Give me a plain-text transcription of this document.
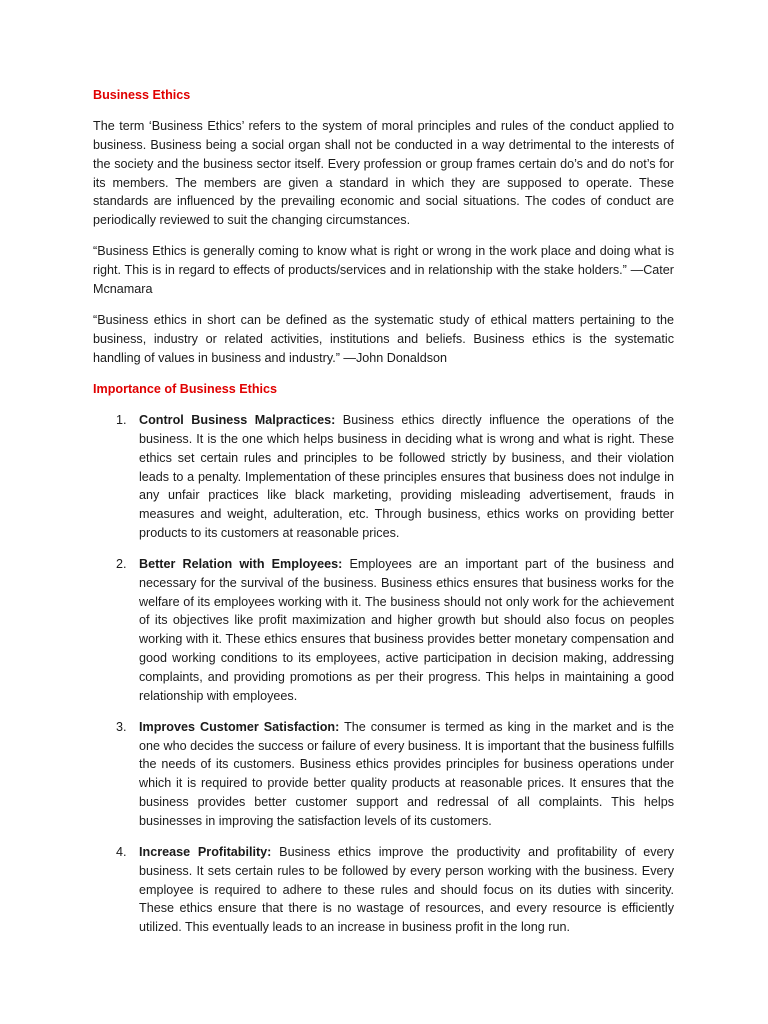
Business Ethics

The term ‘Business Ethics’ refers to the system of moral principles and rules of the conduct applied to business. Business being a social organ shall not be conducted in a way detrimental to the interests of the society and the business sector itself. Every profession or group frames certain do’s and do not’s for its members. The members are given a standard in which they are supposed to operate. These standards are influenced by the prevailing economic and social situations. The codes of conduct are periodically reviewed to suit the changing circumstances.

“Business Ethics is generally coming to know what is right or wrong in the work place and doing what is right. This is in regard to effects of products/services and in relationship with the stake holders.” —Cater Mcnamara

“Business ethics in short can be defined as the systematic study of ethical matters pertaining to the business, industry or related activities, institutions and beliefs. Business ethics is the systematic handling of values in business and industry.” —John Donaldson

Importance of Business Ethics
1. Control Business Malpractices: Business ethics directly influence the operations of the business. It is the one which helps business in deciding what is wrong and what is right. These ethics set certain rules and principles to be followed strictly by business, and their violation leads to a penalty. Implementation of these principles ensures that business does not indulge in any unfair practices like black marketing, providing misleading advertisement, frauds in measures and weight, adulteration, etc. Through business, ethics works on providing better products to its customers at reasonable prices.
2. Better Relation with Employees: Employees are an important part of the business and necessary for the survival of the business. Business ethics ensures that business works for the welfare of its employees working with it. The business should not only work for the achievement of its objectives like profit maximization and higher growth but should also focus on peoples working with it. These ethics ensures that business provides better monetary compensation and good working conditions to its employees, active participation in decision making, addressing complaints, and providing promotions as per their progress. This helps in maintaining a good relationship with employees.
3. Improves Customer Satisfaction: The consumer is termed as king in the market and is the one who decides the success or failure of every business. It is important that the business fulfills the needs of its customers. Business ethics provides principles for business operations under which it is required to provide better quality products at reasonable prices. It ensures that the business provides better customer support and redressal of all complaints. This helps businesses in improving the satisfaction levels of its customers.
4. Increase Profitability: Business ethics improve the productivity and profitability of every business. It sets certain rules to be followed by every person working with the business. Every employee is required to adhere to these rules and should focus on its duties with sincerity. These ethics ensure that there is no wastage of resources, and every resource is efficiently utilized. This eventually leads to an increase in business profit in the long run.
